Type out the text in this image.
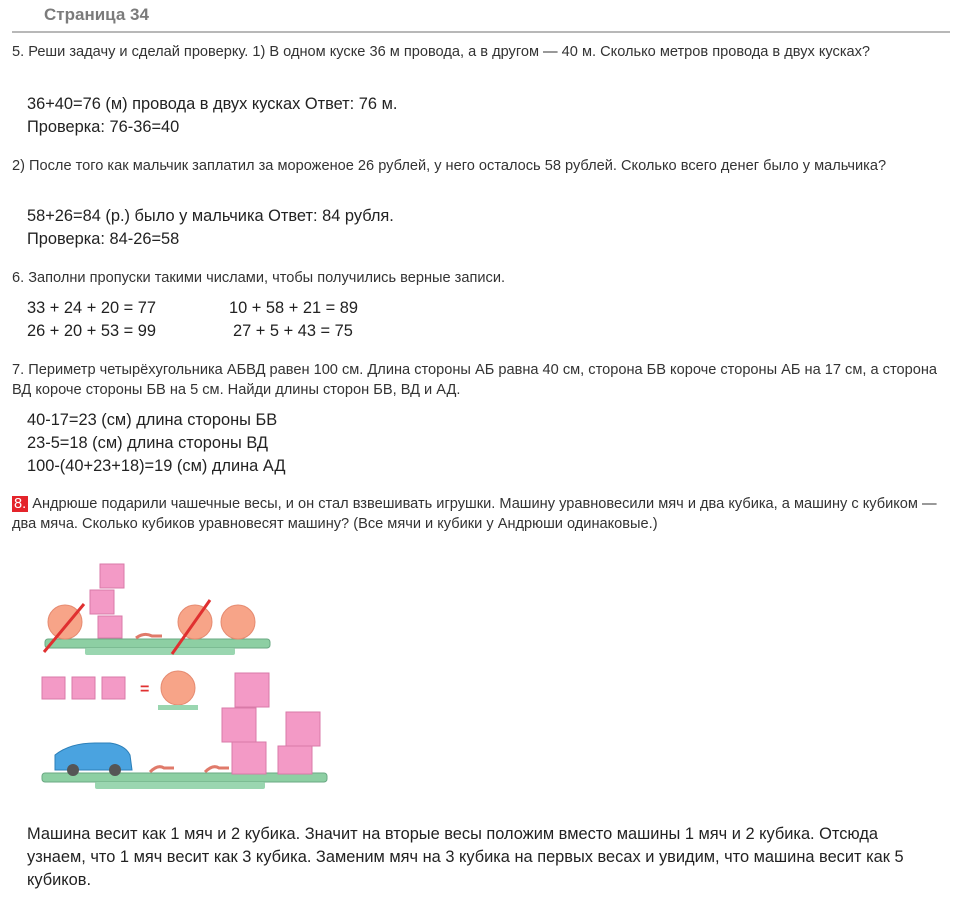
Страница 34
5. Реши задачу и сделай проверку. 1) В одном куске 36 м провода, а в другом — 40 м. Сколько метров провода в двух кусках?
36+40=76 (м) провода в двух кусках Ответ: 76 м.
Проверка: 76-36=40
2) После того как мальчик заплатил за мороженое 26 рублей, у него осталось 58 рублей. Сколько всего денег было у мальчика?
58+26=84 (р.) было у мальчика Ответ: 84 рубля.
Проверка: 84-26=58
6. Заполни пропуски такими числами, чтобы получились верные записи.
33 + 24 + 20 = 77	10 + 58 + 21 = 89
26 + 20 + 53 = 99	27 + 5 + 43 = 75
7. Периметр четырёхугольника АБВД равен 100 см. Длина стороны АБ равна 40 см, сторона БВ короче стороны АБ на 17 см, а сторона ВД короче стороны БВ на 5 см. Найди длины сторон БВ, ВД и АД.
40-17=23 (см) длина стороны БВ
23-5=18 (см) длина стороны ВД
100-(40+23+18)=19 (см) длина АД
8. Андрюше подарили чашечные весы, и он стал взвешивать игрушки. Машину уравновесили мяч и два кубика, а машину с кубиком — два мяча. Сколько кубиков уравновесят машину? (Все мячи и кубики у Андрюши одинаковые.)
=
Машина весит как 1 мяч и 2 кубика. Значит на вторые весы положим вместо машины 1 мяч и 2 кубика. Отсюда узнаем, что 1 мяч весит как 3 кубика. Заменим мяч на 3 кубика на первых весах и увидим, что машина весит как 5 кубиков.
